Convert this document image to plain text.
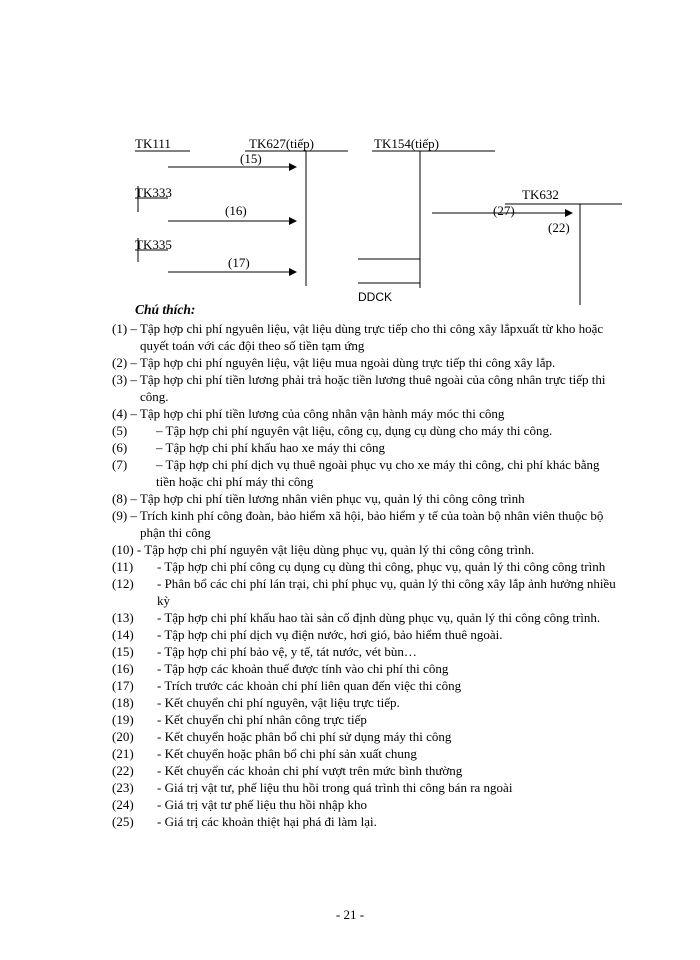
TK111	TK627(tiếp)	TK154(tiếp)
TK333
TK335
TK632
DDCK
(15)
(16)
(17)
(27)
(22)
Chú thích:
(1) – Tập hợp chi phí ngyuên liệu, vật liệu dùng trực tiếp cho thi công xây lắpxuất từ kho hoặc quyết toán với các đội theo số tiền tạm ứng
(2) – Tập hợp chi phí nguyên liệu, vật liệu mua ngoài dùng trực tiếp thi công xây lắp.
(3) – Tập hợp chi phí tiền lương phải trả hoặc tiền lương thuê ngoài của công nhân trực tiếp thi công.
(4) – Tập hợp chi phí tiền lương của công nhân vận hành máy móc thi công
(5)	– Tập hợp chi phí nguyên vật liệu, công cụ, dụng cụ dùng cho máy thi công.
(6)	– Tập hợp chi phí khấu hao xe máy thi công
(7)	– Tập hợp chi phí dịch vụ thuê ngoài phục vụ cho xe máy thi công, chi phí khác bằng tiền hoặc chi phí máy thi công
(8) – Tập hợp chi phí tiền lương nhân viên phục vụ, quản lý thi công công trình
(9) – Trích kinh phí công đoàn, bảo hiểm xã hội, bảo hiểm y tế của toàn bộ nhân viên thuộc bộ phận thi công
(10) - Tập hợp chi phí nguyên vật liệu dùng phục vụ, quản lý thi công công trình.
(11)	- Tập hợp chi phí công cụ dụng cụ dùng thi công, phục vụ, quản lý thi công công trình
(12)	- Phân bổ các chi phí lán trại, chi phí phục vụ, quản lý thi công xây lắp ảnh hưởng nhiều kỳ
(13)	- Tập hợp chi phí khấu hao tài sản cố định dùng phục vụ, quản lý thi công công trình.
(14)	- Tập hợp chi phí dịch vụ điện nước, hơi gió, bảo hiểm thuê ngoài.
(15)	- Tập hợp chi phí bảo vệ, y tế, tát nước, vét bùn…
(16)	- Tập hợp các khoản thuế được tính vào chi phí thi công
(17)	- Trích trước các khoản chi phí liên quan đến việc thi công
(18)	- Kết chuyển chi phí nguyên, vật liệu trực tiếp.
(19)	- Kết chuyển chi phí nhân công trực tiếp
(20)	- Kết chuyển hoặc phân bổ chi phí sử dụng máy thi công
(21)	- Kết chuyển hoặc phân bổ chi phí sản xuất chung
(22)	- Kết chuyển các khoản chi phí vượt trên mức bình thường
(23)	- Giá trị vật tư, phế liệu thu hồi trong quá trình thi công bán ra ngoài
(24)	- Giá trị vật tư phế liệu thu hồi nhập kho
(25)	- Giá trị các khoản thiệt hại phá đi làm lại.
- 21 -
